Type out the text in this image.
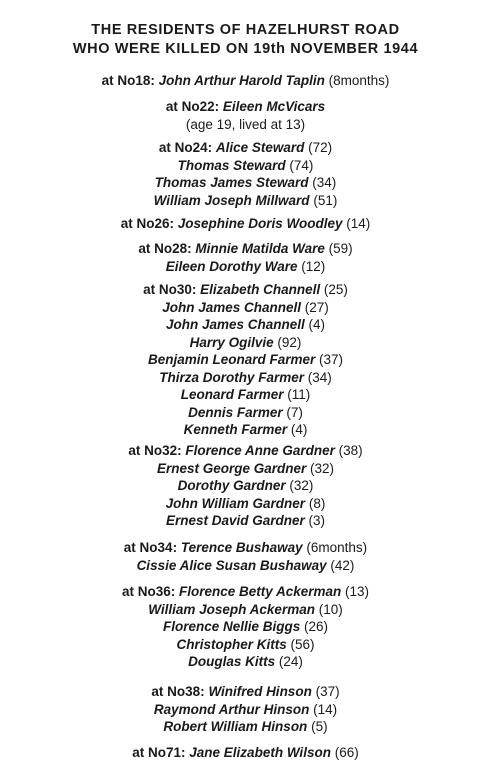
THE RESIDENTS OF HAZELHURST ROAD
WHO WERE KILLED ON 19th NOVEMBER 1944
at No18: John Arthur Harold Taplin (8months)
at No22: Eileen McVicars
(age 19, lived at 13)
at No24: Alice Steward (72)
Thomas Steward (74)
Thomas James Steward (34)
William Joseph Millward (51)
at No26: Josephine Doris Woodley (14)
at No28: Minnie Matilda Ware (59)
Eileen Dorothy Ware (12)
at No30: Elizabeth Channell (25)
John James Channell (27)
John James Channell (4)
Harry Ogilvie (92)
Benjamin Leonard Farmer (37)
Thirza Dorothy Farmer (34)
Leonard Farmer (11)
Dennis Farmer (7)
Kenneth Farmer (4)
at No32: Florence Anne Gardner (38)
Ernest George Gardner (32)
Dorothy Gardner (32)
John William Gardner (8)
Ernest David Gardner (3)
at No34: Terence Bushaway (6months)
Cissie Alice Susan Bushaway (42)
at No36: Florence Betty Ackerman (13)
William Joseph Ackerman (10)
Florence Nellie Biggs (26)
Christopher Kitts (56)
Douglas Kitts (24)
at No38: Winifred Hinson (37)
Raymond Arthur Hinson (14)
Robert William Hinson (5)
at No71: Jane Elizabeth Wilson (66)
